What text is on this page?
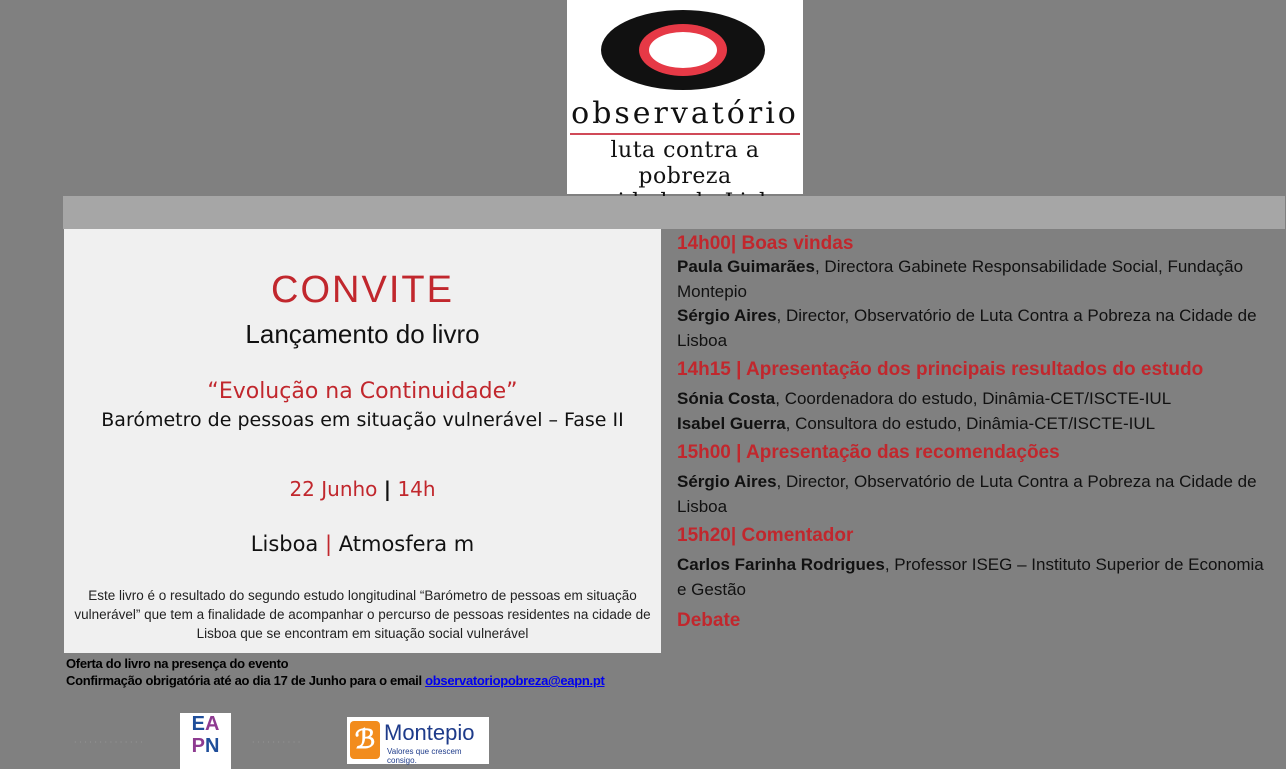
observatório
luta contra a pobreza
CONVITE
Lançamento do livro
“Evolução na Continuidade”
Barómetro de pessoas em situação vulnerável – Fase II
22 Junho | 14h
Lisboa | Atmosfera m
Este livro é o resultado do segundo estudo longitudinal “Barómetro de pessoas em situação vulnerável” que tem a finalidade de acompanhar o percurso de pessoas residentes na cidade de Lisboa que se encontram em situação social vulnerável
Oferta do livro na presença do evento
Confirmação obrigatória até ao dia 17 de Junho para o email observatoriopobreza@eapn.pt
14h00| Boas vindas
Paula Guimarães, Directora Gabinete Responsabilidade Social, Fundação Montepio
Sérgio Aires, Director, Observatório de Luta Contra a Pobreza na Cidade de Lisboa
14h15 | Apresentação dos principais resultados do estudo
Sónia Costa, Coordenadora do estudo, Dinâmia-CET/ISCTE-IUL
Isabel Guerra, Consultora do estudo, Dinâmia-CET/ISCTE-IUL
15h00 | Apresentação das recomendações
Sérgio Aires, Director, Observatório de Luta Contra a Pobreza na Cidade de Lisboa
15h20| Comentador
Carlos Farinha Rodrigues, Professor ISEG – Instituto Superior de Economia e Gestão
Debate
· · · · · · · · · · · · · ·
EA
PN	· · · · · · · · · · ℬ Montepio
Valores que crescem consigo.
